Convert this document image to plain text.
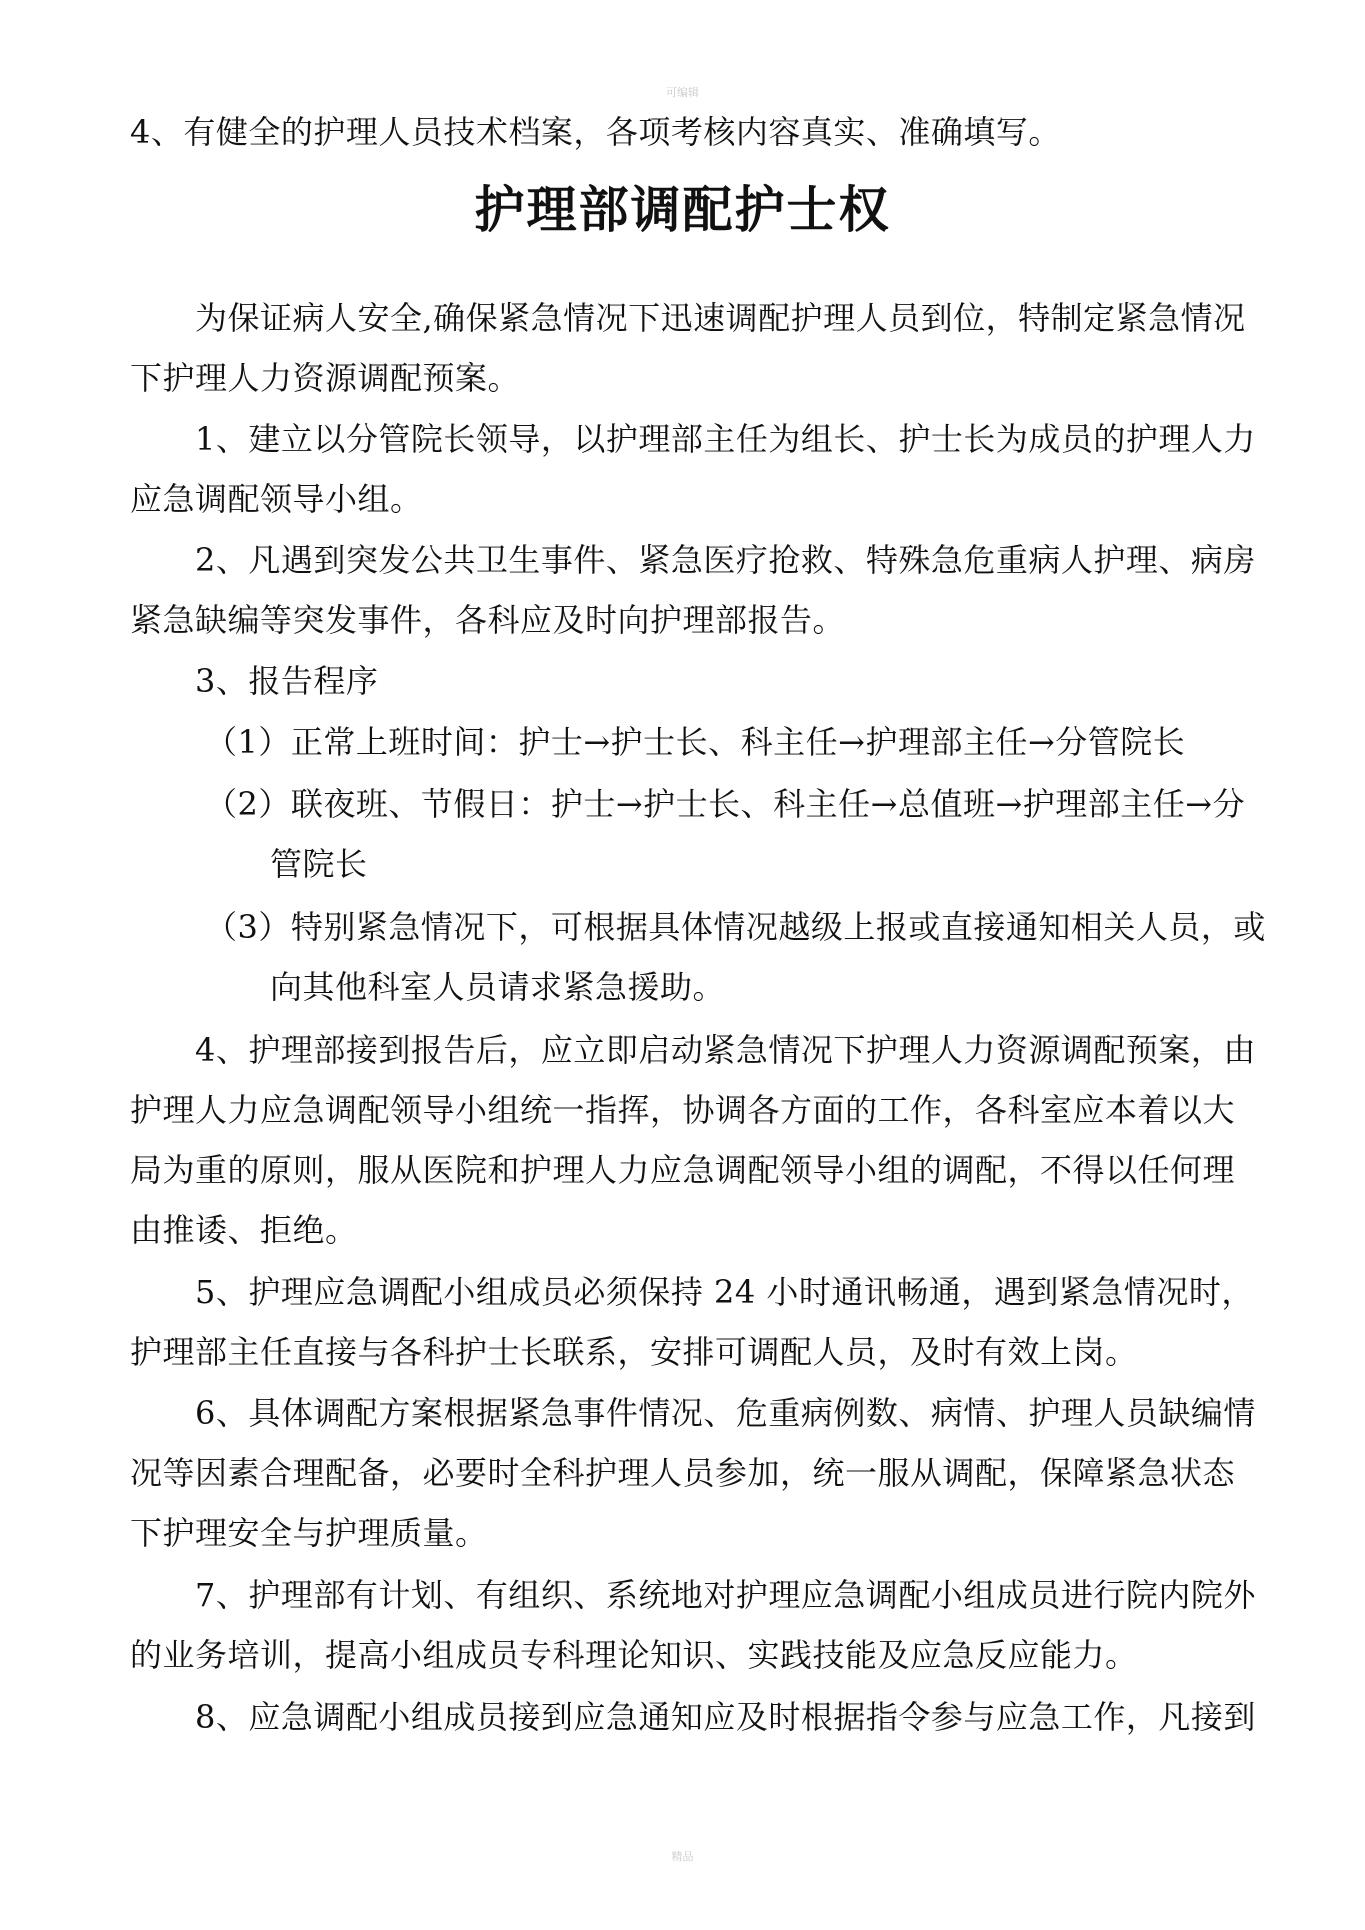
可编辑
4、有健全的护理人员技术档案，各项考核内容真实、准确填写。
护理部调配护士权
为保证病人安全,确保紧急情况下迅速调配护理人员到位，特制定紧急情况
下护理人力资源调配预案。
1、建立以分管院长领导，以护理部主任为组长、护士长为成员的护理人力
应急调配领导小组。
2、凡遇到突发公共卫生事件、紧急医疗抢救、特殊急危重病人护理、病房
紧急缺编等突发事件，各科应及时向护理部报告。
3、报告程序
（1）正常上班时间：护士→护士长、科主任→护理部主任→分管院长
（2）联夜班、节假日：护士→护士长、科主任→总值班→护理部主任→分
管院长
（3）特别紧急情况下，可根据具体情况越级上报或直接通知相关人员，或
向其他科室人员请求紧急援助。
4、护理部接到报告后，应立即启动紧急情况下护理人力资源调配预案，由
护理人力应急调配领导小组统一指挥，协调各方面的工作，各科室应本着以大
局为重的原则，服从医院和护理人力应急调配领导小组的调配，不得以任何理
由推诿、拒绝。
5、护理应急调配小组成员必须保持 24 小时通讯畅通，遇到紧急情况时，
护理部主任直接与各科护士长联系，安排可调配人员，及时有效上岗。
6、具体调配方案根据紧急事件情况、危重病例数、病情、护理人员缺编情
况等因素合理配备，必要时全科护理人员参加，统一服从调配，保障紧急状态
下护理安全与护理质量。
7、护理部有计划、有组织、系统地对护理应急调配小组成员进行院内院外
的业务培训，提高小组成员专科理论知识、实践技能及应急反应能力。
8、应急调配小组成员接到应急通知应及时根据指令参与应急工作，凡接到
精品
